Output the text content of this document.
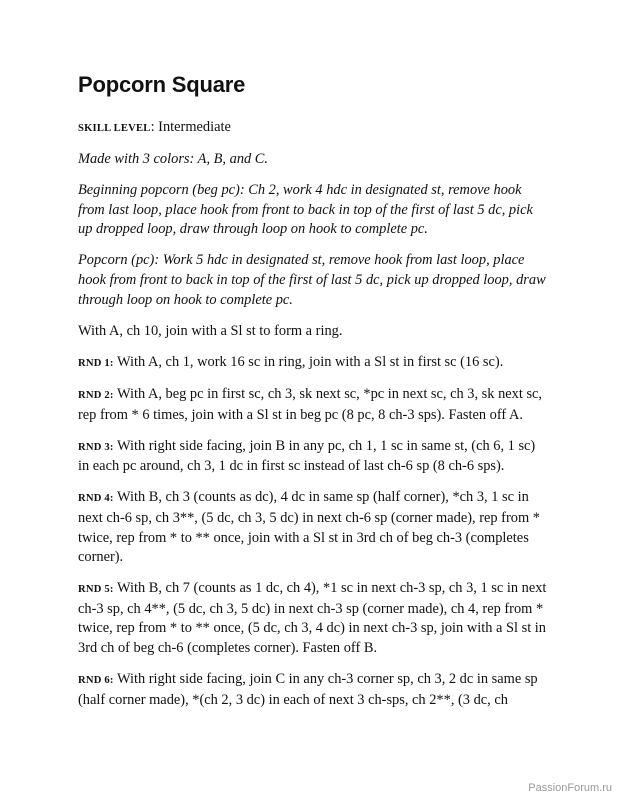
Popcorn Square

SKILL LEVEL: Intermediate

Made with 3 colors: A, B, and C.

Beginning popcorn (beg pc): Ch 2, work 4 hdc in designated st, remove hook from last loop, place hook from front to back in top of the first of last 5 dc, pick up dropped loop, draw through loop on hook to complete pc.

Popcorn (pc): Work 5 hdc in designated st, remove hook from last loop, place hook from front to back in top of the first of last 5 dc, pick up dropped loop, draw through loop on hook to complete pc.

With A, ch 10, join with a Sl st to form a ring.

RND 1: With A, ch 1, work 16 sc in ring, join with a Sl st in first sc (16 sc).

RND 2: With A, beg pc in first sc, ch 3, sk next sc, *pc in next sc, ch 3, sk next sc, rep from * 6 times, join with a Sl st in beg pc (8 pc, 8 ch-3 sps). Fasten off A.

RND 3: With right side facing, join B in any pc, ch 1, 1 sc in same st, (ch 6, 1 sc) in each pc around, ch 3, 1 dc in first sc instead of last ch-6 sp (8 ch-6 sps).

RND 4: With B, ch 3 (counts as dc), 4 dc in same sp (half corner), *ch 3, 1 sc in next ch-6 sp, ch 3**, (5 dc, ch 3, 5 dc) in next ch-6 sp (corner made), rep from * twice, rep from * to ** once, join with a Sl st in 3rd ch of beg ch-3 (completes corner).

RND 5: With B, ch 7 (counts as 1 dc, ch 4), *1 sc in next ch-3 sp, ch 3, 1 sc in next ch-3 sp, ch 4**, (5 dc, ch 3, 5 dc) in next ch-3 sp (corner made), ch 4, rep from * twice, rep from * to ** once, (5 dc, ch 3, 4 dc) in next ch-3 sp, join with a Sl st in 3rd ch of beg ch-6 (completes corner). Fasten off B.

RND 6: With right side facing, join C in any ch-3 corner sp, ch 3, 2 dc in same sp (half corner made), *(ch 2, 3 dc) in each of next 3 ch-sps, ch 2**, (3 dc, ch

PassionForum.ru
